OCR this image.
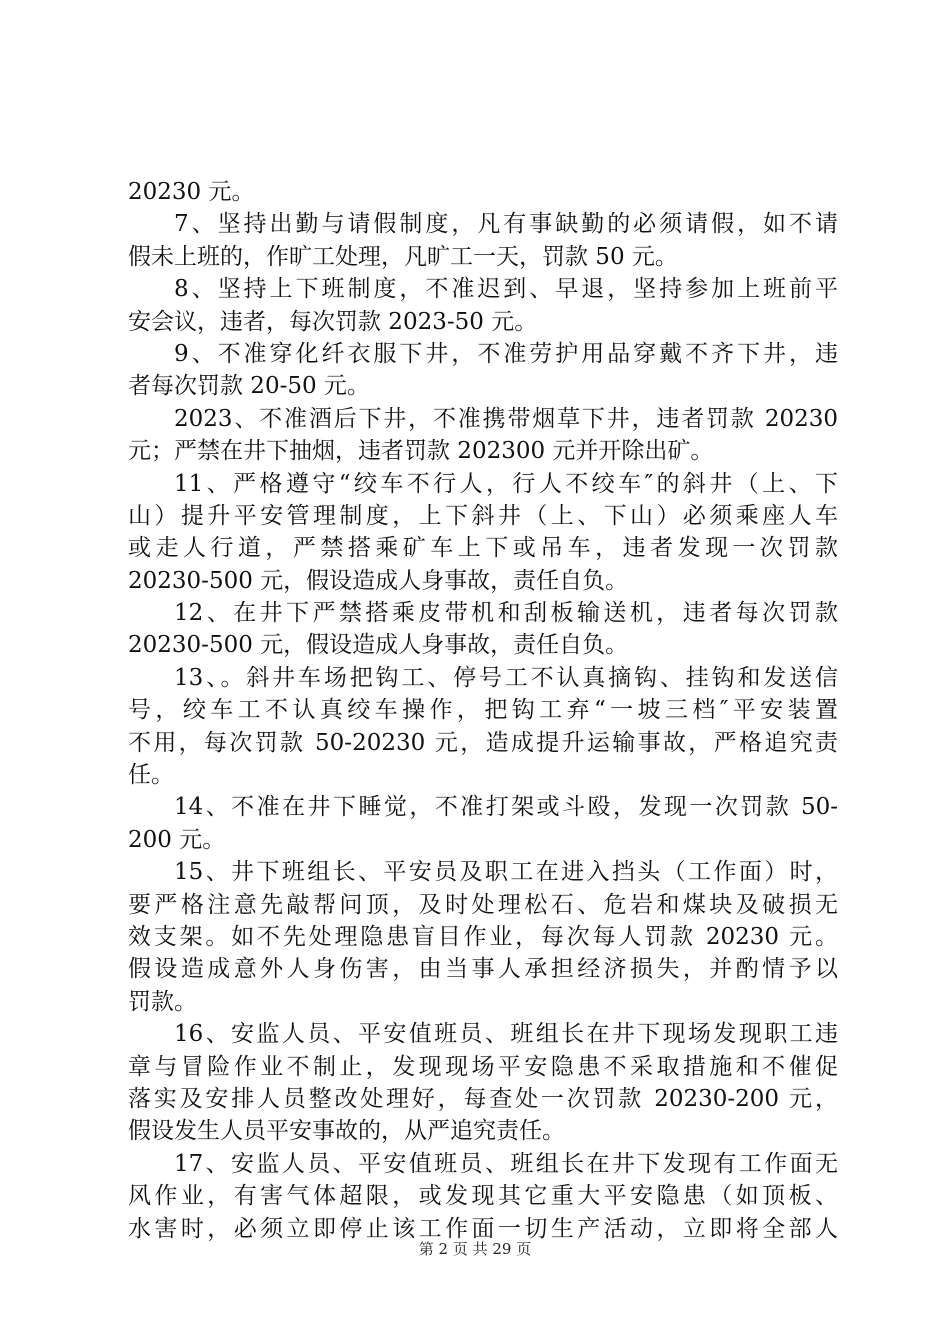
20230 元。
7、坚持出勤与请假制度，凡有事缺勤的必须请假，如不请
假未上班的，作旷工处理，凡旷工一天，罚款 50 元。
8、坚持上下班制度，不准迟到、早退，坚持参加上班前平
安会议，违者，每次罚款 2023-50 元。
9、不准穿化纤衣服下井，不准劳护用品穿戴不齐下井，违
者每次罚款 20-50 元。
2023、不准酒后下井，不准携带烟草下井，违者罚款 20230
元；严禁在井下抽烟，违者罚款 202300 元并开除出矿。
11、严格遵守“绞车不行人，行人不绞车″的斜井（上、下
山）提升平安管理制度，上下斜井（上、下山）必须乘座人车
或走人行道，严禁搭乘矿车上下或吊车，违者发现一次罚款
20230-500 元，假设造成人身事故，责任自负。
12、在井下严禁搭乘皮带机和刮板输送机，违者每次罚款
20230-500 元，假设造成人身事故，责任自负。
13、。斜井车场把钩工、停号工不认真摘钩、挂钩和发送信
号，绞车工不认真绞车操作，把钩工弃“一坡三档″平安装置
不用，每次罚款 50-20230 元，造成提升运输事故，严格追究责
任。
14、不准在井下睡觉，不准打架或斗殴，发现一次罚款 50-
200 元。
15、井下班组长、平安员及职工在进入挡头（工作面）时，
要严格注意先敲帮问顶，及时处理松石、危岩和煤块及破损无
效支架。如不先处理隐患盲目作业，每次每人罚款 20230 元。
假设造成意外人身伤害，由当事人承担经济损失，并酌情予以
罚款。
16、安监人员、平安值班员、班组长在井下现场发现职工违
章与冒险作业不制止，发现现场平安隐患不采取措施和不催促
落实及安排人员整改处理好，每查处一次罚款 20230-200 元，
假设发生人员平安事故的，从严追究责任。
17、安监人员、平安值班员、班组长在井下发现有工作面无
风作业，有害气体超限，或发现其它重大平安隐患（如顶板、
水害时，必须立即停止该工作面一切生产活动，立即将全部人
第 2 页 共 29 页
